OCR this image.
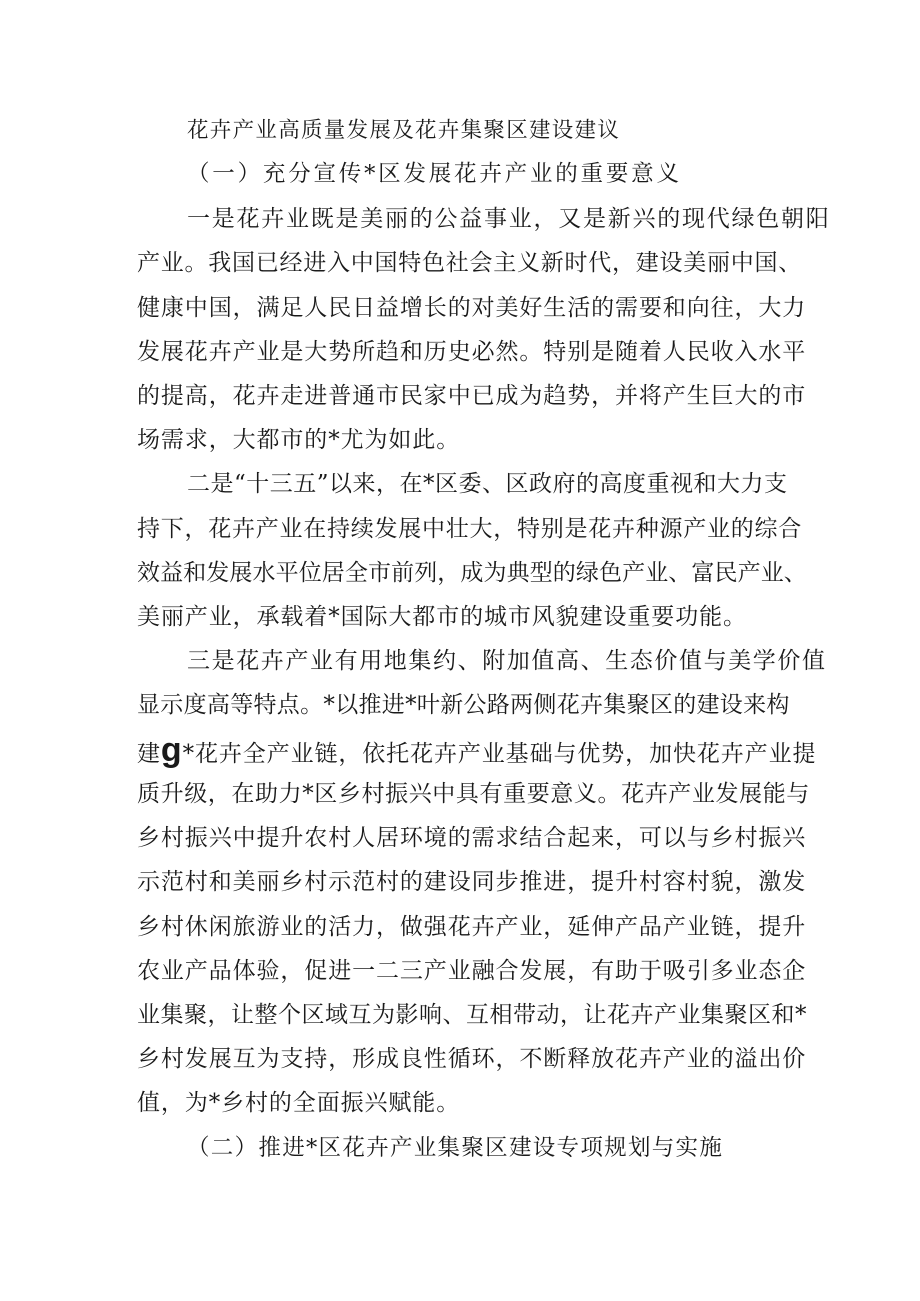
花卉产业高质量发展及花卉集聚区建设建议
（一）充分宣传*区发展花卉产业的重要意义
一是花卉业既是美丽的公益事业，又是新兴的现代绿色朝阳
产业。我国已经进入中国特色社会主义新时代，建设美丽中国、
健康中国，满足人民日益增长的对美好生活的需要和向往，大力
发展花卉产业是大势所趋和历史必然。特别是随着人民收入水平
的提高，花卉走进普通市民家中已成为趋势，并将产生巨大的市
场需求，大都市的*尤为如此。
二是“十三五”以来，在*区委、区政府的高度重视和大力支
持下，花卉产业在持续发展中壮大，特别是花卉种源产业的综合
效益和发展水平位居全市前列，成为典型的绿色产业、富民产业、
美丽产业，承载着*国际大都市的城市风貌建设重要功能。
三是花卉产业有用地集约、附加值高、生态价值与美学价值
显示度高等特点。*以推进*叶新公路两侧花卉集聚区的建设来构
建g*花卉全产业链，依托花卉产业基础与优势，加快花卉产业提
质升级，在助力*区乡村振兴中具有重要意义。花卉产业发展能与
乡村振兴中提升农村人居环境的需求结合起来，可以与乡村振兴
示范村和美丽乡村示范村的建设同步推进，提升村容村貌，激发
乡村休闲旅游业的活力，做强花卉产业，延伸产品产业链，提升
农业产品体验，促进一二三产业融合发展，有助于吸引多业态企
业集聚，让整个区域互为影响、互相带动，让花卉产业集聚区和*
乡村发展互为支持，形成良性循环，不断释放花卉产业的溢出价
值，为*乡村的全面振兴赋能。
（二）推进*区花卉产业集聚区建设专项规划与实施
